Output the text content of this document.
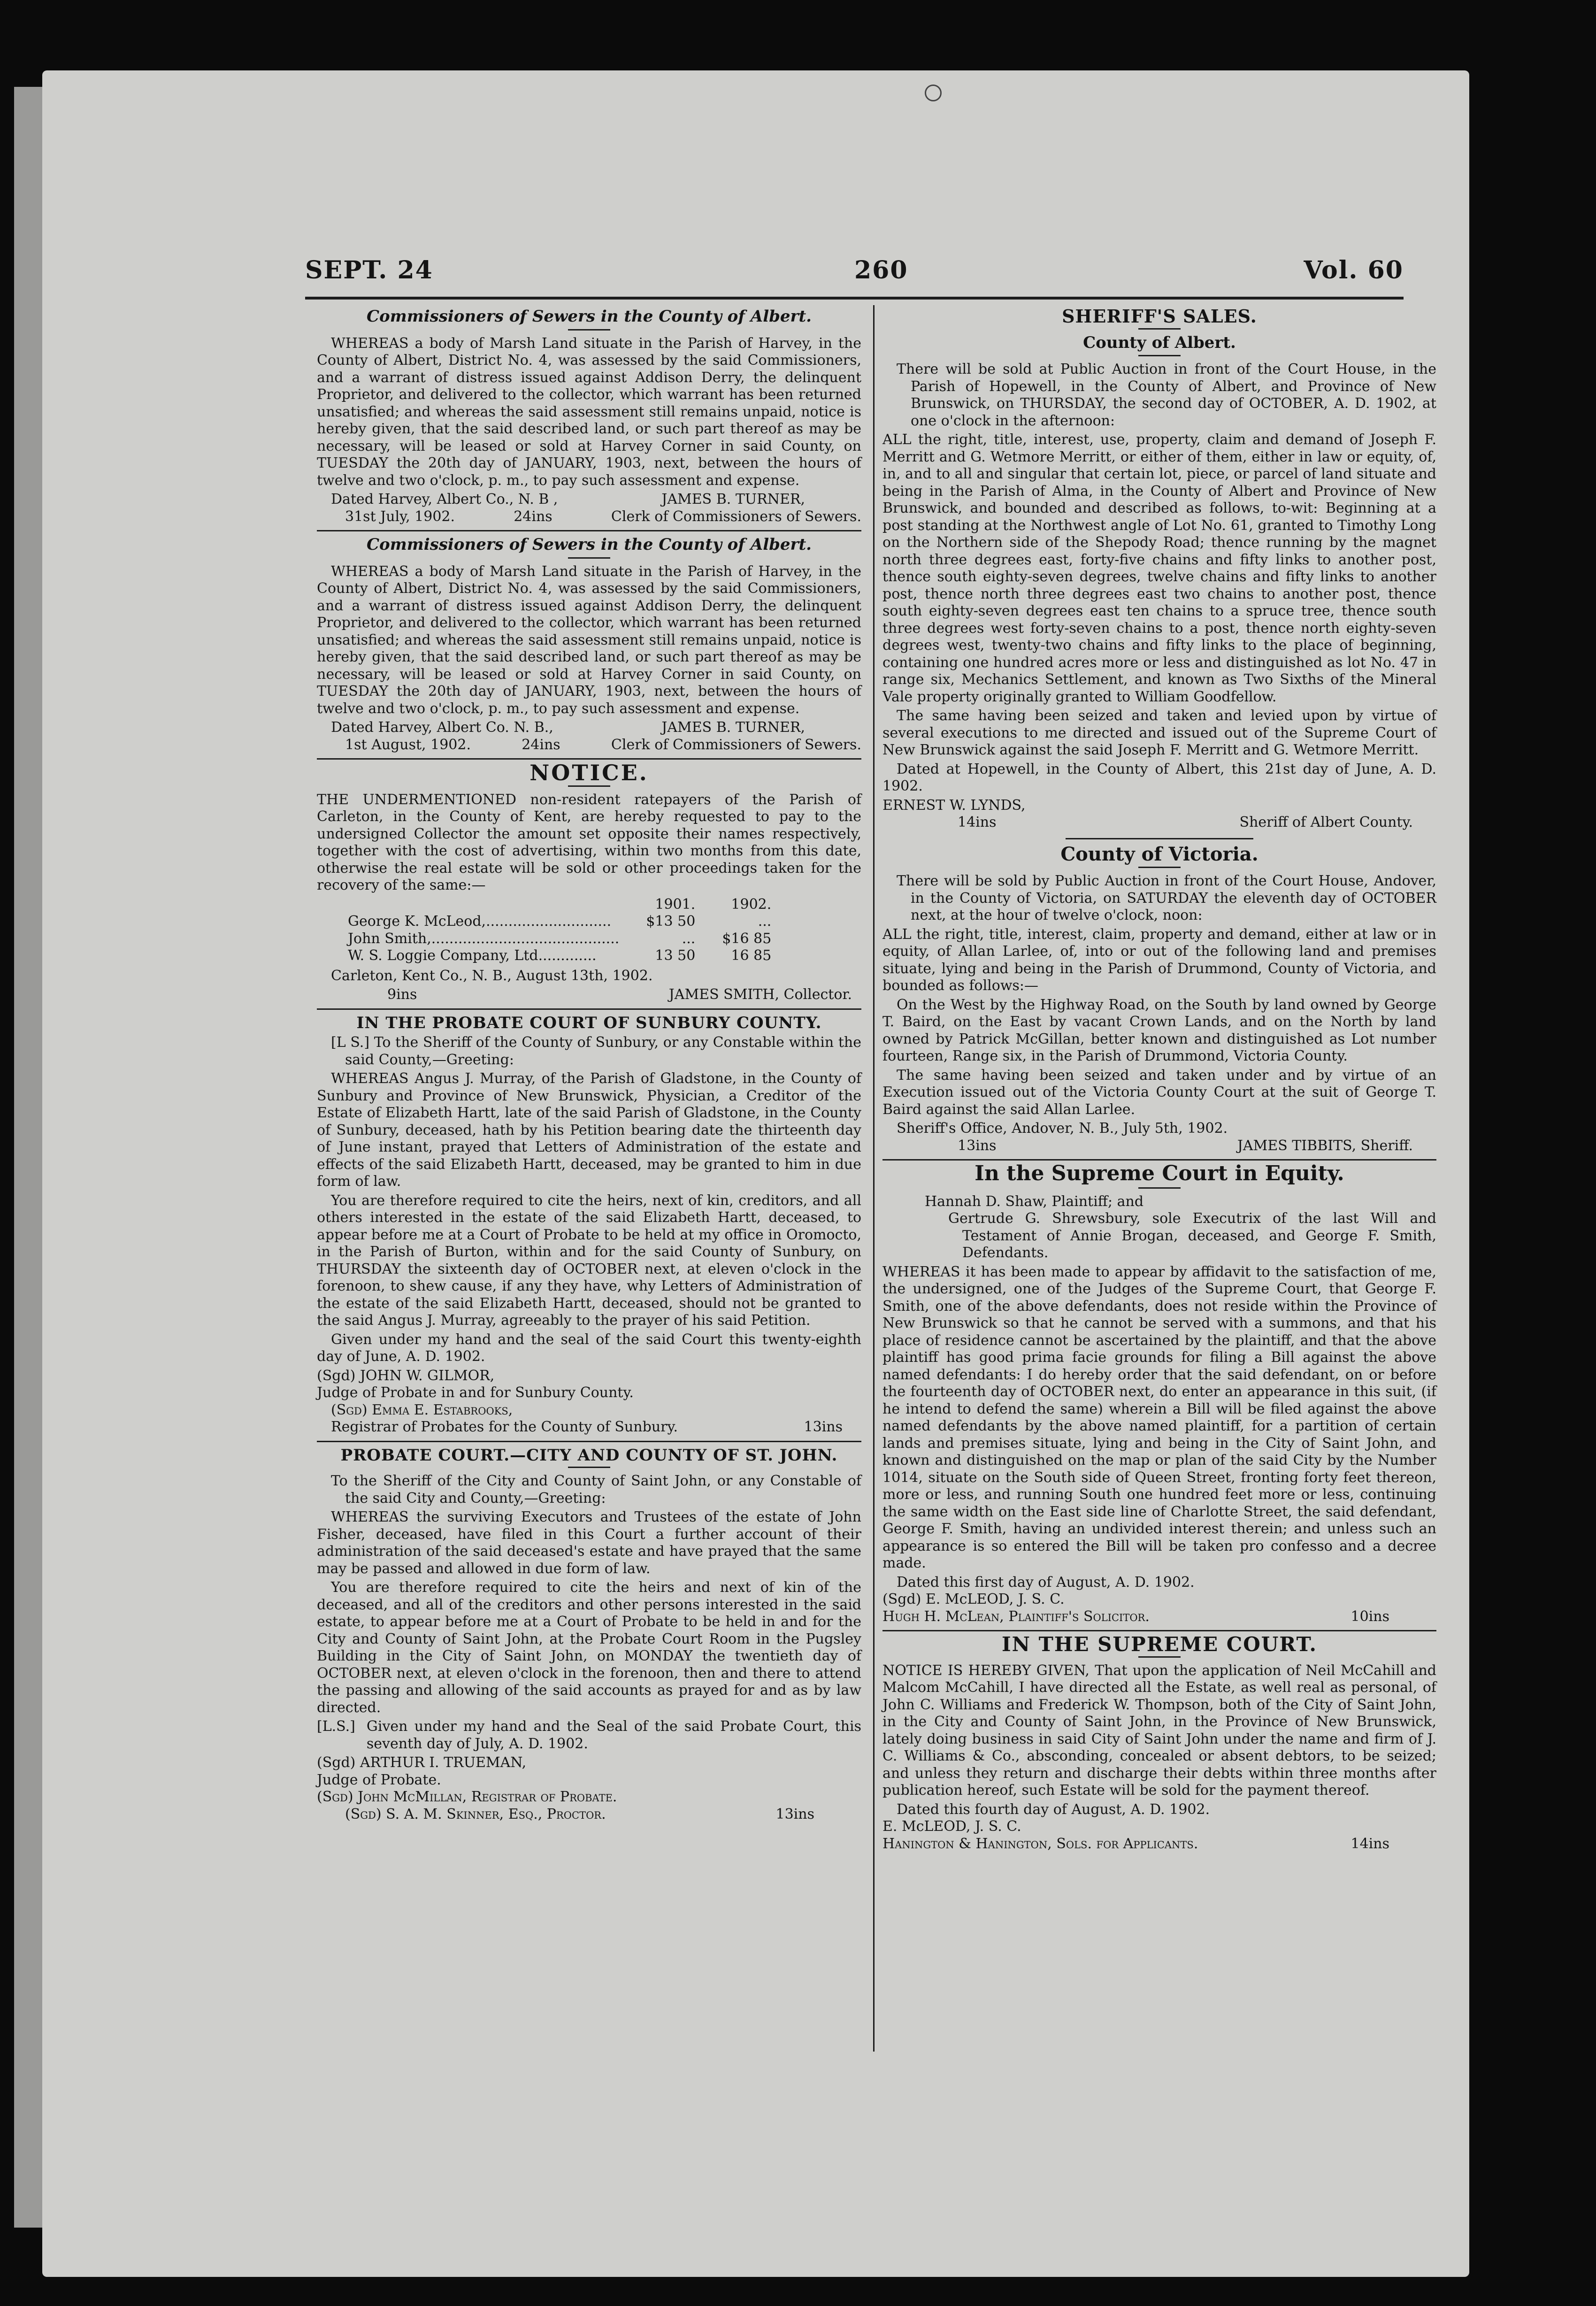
SEPT. 24	260	Vol. 60
Commissioners of Sewers in the County of Albert.

WHEREAS a body of Marsh Land situate in the Parish of Harvey, in the County of Albert, District No. 4, was assessed by the said Commissioners, and a warrant of distress issued against Addison Derry, the delinquent Proprietor, and delivered to the collector, which warrant has been returned unsatisfied; and whereas the said assessment still remains unpaid, notice is hereby given, that the said described land, or such part thereof as may be necessary, will be leased or sold at Harvey Corner in said County, on TUESDAY the 20th day of JANUARY, 1903, next, between the hours of twelve and two o'clock, p. m., to pay such assessment and expense.

Dated Harvey, Albert Co., N. B ,	JAMES B. TURNER,
31st July, 1902.	24ins	Clerk of Commissioners of Sewers.
Commissioners of Sewers in the County of Albert.

WHEREAS a body of Marsh Land situate in the Parish of Harvey, in the County of Albert, District No. 4, was assessed by the said Commissioners, and a warrant of distress issued against Addison Derry, the delinquent Proprietor, and delivered to the collector, which warrant has been returned unsatisfied; and whereas the said assessment still remains unpaid, notice is hereby given, that the said described land, or such part thereof as may be necessary, will be leased or sold at Harvey Corner in said County, on TUESDAY the 20th day of JANUARY, 1903, next, between the hours of twelve and two o'clock, p. m., to pay such assessment and expense.

Dated Harvey, Albert Co. N. B.,	JAMES B. TURNER,
1st August, 1902.	24ins	Clerk of Commissioners of Sewers.
NOTICE.

THE UNDERMENTIONED non-resident ratepayers of the Parish of Carleton, in the County of Kent, are hereby requested to pay to the undersigned Collector the amount set opposite their names respectively, together with the cost of advertising, within two months from this date, otherwise the real estate will be sold or other proceedings taken for the recovery of the same:—

	1901.	1902.
George K. McLeod,............................	$13 50	...
John Smith,..........................................	...	$16 85
W. S. Loggie Company, Ltd.............	13 50	16 85

Carleton, Kent Co., N. B., August 13th, 1902.

9ins	JAMES SMITH, Collector.
IN THE PROBATE COURT OF SUNBURY COUNTY.

[L S.] To the Sheriff of the County of Sunbury, or any Constable within the said County,—Greeting:

WHEREAS Angus J. Murray, of the Parish of Gladstone, in the County of Sunbury and Province of New Brunswick, Physician, a Creditor of the Estate of Elizabeth Hartt, late of the said Parish of Gladstone, in the County of Sunbury, deceased, hath by his Petition bearing date the thirteenth day of June instant, prayed that Letters of Administration of the estate and effects of the said Elizabeth Hartt, deceased, may be granted to him in due form of law.

You are therefore required to cite the heirs, next of kin, creditors, and all others interested in the estate of the said Elizabeth Hartt, deceased, to appear before me at a Court of Probate to be held at my office in Oromocto, in the Parish of Burton, within and for the said County of Sunbury, on THURSDAY the sixteenth day of OCTOBER next, at eleven o'clock in the forenoon, to shew cause, if any they have, why Letters of Administration of the estate of the said Elizabeth Hartt, deceased, should not be granted to the said Angus J. Murray, agreeably to the prayer of his said Petition.

Given under my hand and the seal of the said Court this twenty-eighth day of June, A. D. 1902.

(Sgd) JOHN W. GILMOR,

Judge of Probate in and for Sunbury County.

(Sgd) Emma E. Estabrooks,

Registrar of Probates for the County of Sunbury.	13ins
PROBATE COURT.—CITY AND COUNTY OF ST. JOHN.

To the Sheriff of the City and County of Saint John, or any Constable of the said City and County,—Greeting:

WHEREAS the surviving Executors and Trustees of the estate of John Fisher, deceased, have filed in this Court a further account of their administration of the said deceased's estate and have prayed that the same may be passed and allowed in due form of law.

You are therefore required to cite the heirs and next of kin of the deceased, and all of the creditors and other persons interested in the said estate, to appear before me at a Court of Probate to be held in and for the City and County of Saint John, at the Probate Court Room in the Pugsley Building in the City of Saint John, on MONDAY the twentieth day of OCTOBER next, at eleven o'clock in the forenoon, then and there to attend the passing and allowing of the said accounts as prayed for and as by law directed.

[L.S.] Given under my hand and the Seal of the said Probate Court, this seventh day of July, A. D. 1902.

(Sgd) ARTHUR I. TRUEMAN,

Judge of Probate.

(Sgd) John McMillan, Registrar of Probate.

(Sgd) S. A. M. Skinner, Esq., Proctor.	13ins
SHERIFF'S SALES.
County of Albert.

There will be sold at Public Auction in front of the Court House, in the Parish of Hopewell, in the County of Albert, and Province of New Brunswick, on THURSDAY, the second day of OCTOBER, A. D. 1902, at one o'clock in the afternoon:

ALL the right, title, interest, use, property, claim and demand of Joseph F. Merritt and G. Wetmore Merritt, or either of them, either in law or equity, of, in, and to all and singular that certain lot, piece, or parcel of land situate and being in the Parish of Alma, in the County of Albert and Province of New Brunswick, and bounded and described as follows, to-wit: Beginning at a post standing at the Northwest angle of Lot No. 61, granted to Timothy Long on the Northern side of the Shepody Road; thence running by the magnet north three degrees east, forty-five chains and fifty links to another post, thence south eighty-seven degrees, twelve chains and fifty links to another post, thence north three degrees east two chains to another post, thence south eighty-seven degrees east ten chains to a spruce tree, thence south three degrees west forty-seven chains to a post, thence north eighty-seven degrees west, twenty-two chains and fifty links to the place of beginning, containing one hundred acres more or less and distinguished as lot No. 47 in range six, Mechanics Settlement, and known as Two Sixths of the Mineral Vale property originally granted to William Goodfellow.

The same having been seized and taken and levied upon by virtue of several executions to me directed and issued out of the Supreme Court of New Brunswick against the said Joseph F. Merritt and G. Wetmore Merritt.

Dated at Hopewell, in the County of Albert, this 21st day of June, A. D. 1902.

ERNEST W. LYNDS,

14ins	Sheriff of Albert County.
County of Victoria.

There will be sold by Public Auction in front of the Court House, Andover, in the County of Victoria, on SATURDAY the eleventh day of OCTOBER next, at the hour of twelve o'clock, noon:

ALL the right, title, interest, claim, property and demand, either at law or in equity, of Allan Larlee, of, into or out of the following land and premises situate, lying and being in the Parish of Drummond, County of Victoria, and bounded as follows:—

On the West by the Highway Road, on the South by land owned by George T. Baird, on the East by vacant Crown Lands, and on the North by land owned by Patrick McGillan, better known and distinguished as Lot number fourteen, Range six, in the Parish of Drummond, Victoria County.

The same having been seized and taken under and by virtue of an Execution issued out of the Victoria County Court at the suit of George T. Baird against the said Allan Larlee.

Sheriff's Office, Andover, N. B., July 5th, 1902.

13ins	JAMES TIBBITS, Sheriff.
In the Supreme Court in Equity.

Hannah D. Shaw, Plaintiff; and

Gertrude G. Shrewsbury, sole Executrix of the last Will and Testament of Annie Brogan, deceased, and George F. Smith, Defendants.

WHEREAS it has been made to appear by affidavit to the satisfaction of me, the undersigned, one of the Judges of the Supreme Court, that George F. Smith, one of the above defendants, does not reside within the Province of New Brunswick so that he cannot be served with a summons, and that his place of residence cannot be ascertained by the plaintiff, and that the above plaintiff has good prima facie grounds for filing a Bill against the above named defendants: I do hereby order that the said defendant, on or before the fourteenth day of OCTOBER next, do enter an appearance in this suit, (if he intend to defend the same) wherein a Bill will be filed against the above named defendants by the above named plaintiff, for a partition of certain lands and premises situate, lying and being in the City of Saint John, and known and distinguished on the map or plan of the said City by the Number 1014, situate on the South side of Queen Street, fronting forty feet thereon, more or less, and running South one hundred feet more or less, continuing the same width on the East side line of Charlotte Street, the said defendant, George F. Smith, having an undivided interest therein; and unless such an appearance is so entered the Bill will be taken pro confesso and a decree made.

Dated this first day of August, A. D. 1902.

(Sgd) E. McLEOD, J. S. C.

Hugh H. McLean, Plaintiff's Solicitor.	10ins
IN THE SUPREME COURT.

NOTICE IS HEREBY GIVEN, That upon the application of Neil McCahill and Malcom McCahill, I have directed all the Estate, as well real as personal, of John C. Williams and Frederick W. Thompson, both of the City of Saint John, in the City and County of Saint John, in the Province of New Brunswick, lately doing business in said City of Saint John under the name and firm of J. C. Williams & Co., absconding, concealed or absent debtors, to be seized; and unless they return and discharge their debts within three months after publication hereof, such Estate will be sold for the payment thereof.

Dated this fourth day of August, A. D. 1902.

E. McLEOD, J. S. C.

Hanington & Hanington, Sols. for Applicants.	14ins
